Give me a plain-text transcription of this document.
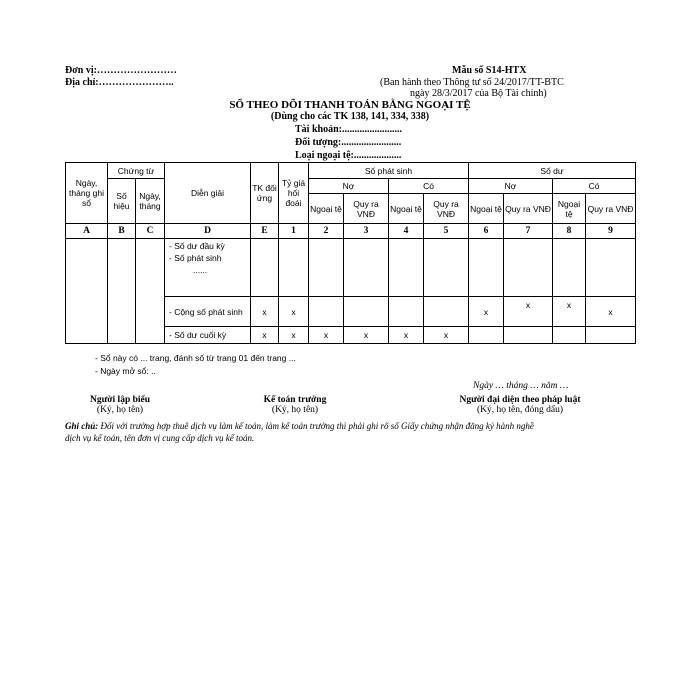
Đơn vị:……………………
Địa chỉ:…………………..
Mẫu số S14-HTX
(Ban hành theo Thông tư số 24/2017/TT-BTC
ngày 28/3/2017 của Bộ Tài chính)
SỔ THEO DÕI THANH TOÁN BẰNG NGOẠI TỆ
(Dùng cho các TK 138, 141, 334, 338)
Tài khoản:........................
Đối tượng:........................
Loại ngoại tệ:...................
Ngày, tháng ghi sổ	Chứng từ		Diễn giải	TK đối ứng	Tỷ giá hối đoái	Số phát sinh				Số dư			
	Số hiệu	Ngày, tháng				Nợ		Có		Nợ		Có	
						Ngoại tệ	Quy ra VNĐ	Ngoại tệ	Quy ra VNĐ	Ngoại tệ	Quy ra VNĐ	Ngoại tệ	Quy ra VNĐ
A	B	C	D	E	1	2	3	4	5	6	7	8	9

			- Số dư đầu kỳ
- Số phát sinh
......										

			- Cộng số phát sinh	x	x					x	x	x	x
			- Số dư cuối kỳ	x	x	x	x	x	x				
- Sổ này có ... trang, đánh số từ trang 01 đến trang ...
- Ngày mở sổ: ..
Ngày … tháng … năm …
Người lập biểu
(Ký, họ tên)
Kế toán trưởng
(Ký, họ tên)
Người đại diện theo pháp luật
(Ký, họ tên, đóng dấu)
Ghi chú: Đối với trường hợp thuê dịch vụ làm kế toán, làm kế toán trưởng thì phải ghi rõ số Giấy chứng nhận đăng ký hành nghề
dịch vụ kế toán, tên đơn vị cung cấp dịch vụ kế toán.
